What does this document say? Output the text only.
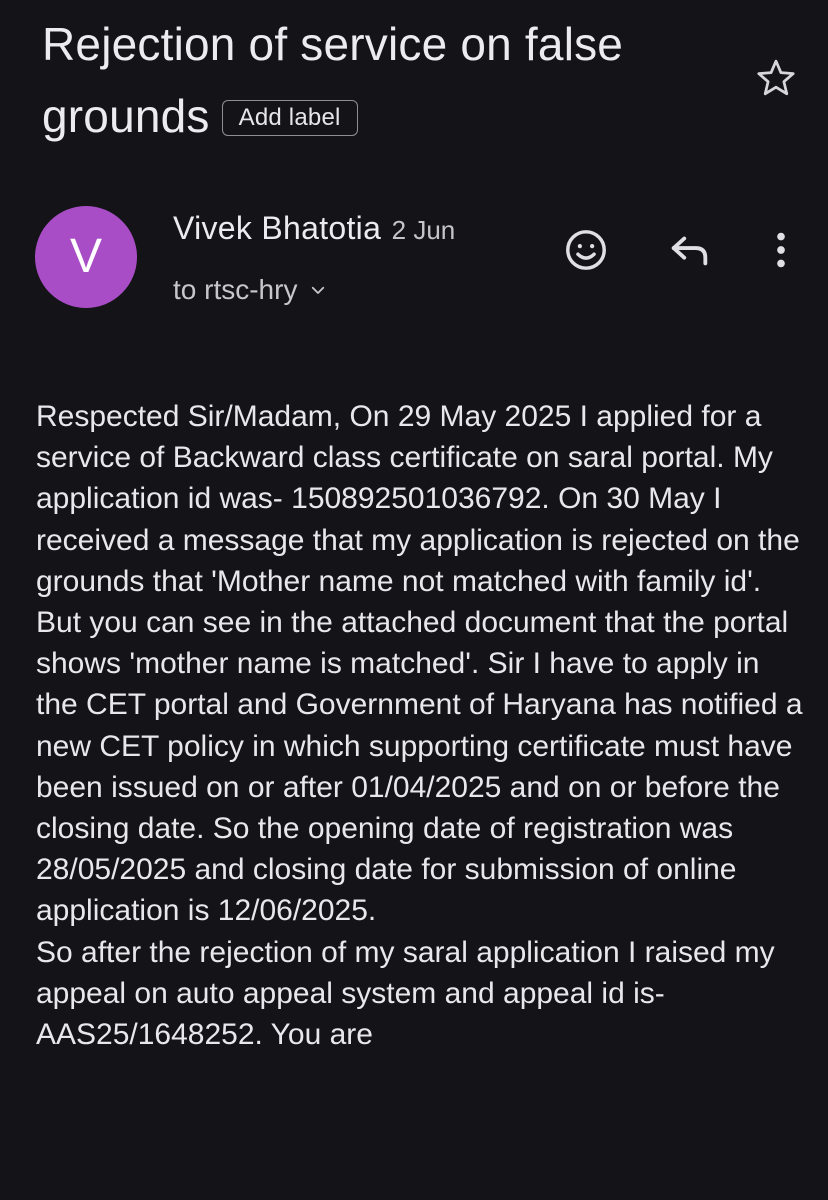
Rejection of service on false
grounds	Add label
V
Vivek Bhatotia 2 Jun
to rtsc-hry

Respected Sir/Madam, On 29 May 2025 I applied for a service of Backward class certificate on saral portal. My application id was- 150892501036792. On 30 May I received a message that my application is rejected on the grounds that 'Mother name not matched with family id'. But you can see in the attached document that the portal shows 'mother name is matched'. Sir I have to apply in the CET portal and Government of Haryana has notified a new CET policy in which supporting certificate must have been issued on or after 01/04/2025 and on or before the closing date. So the opening date of registration was 28/05/2025 and closing date for submission of online application is 12/06/2025.

So after the rejection of my saral application I raised my appeal on auto appeal system and appeal id is- AAS25/1648252. You are
